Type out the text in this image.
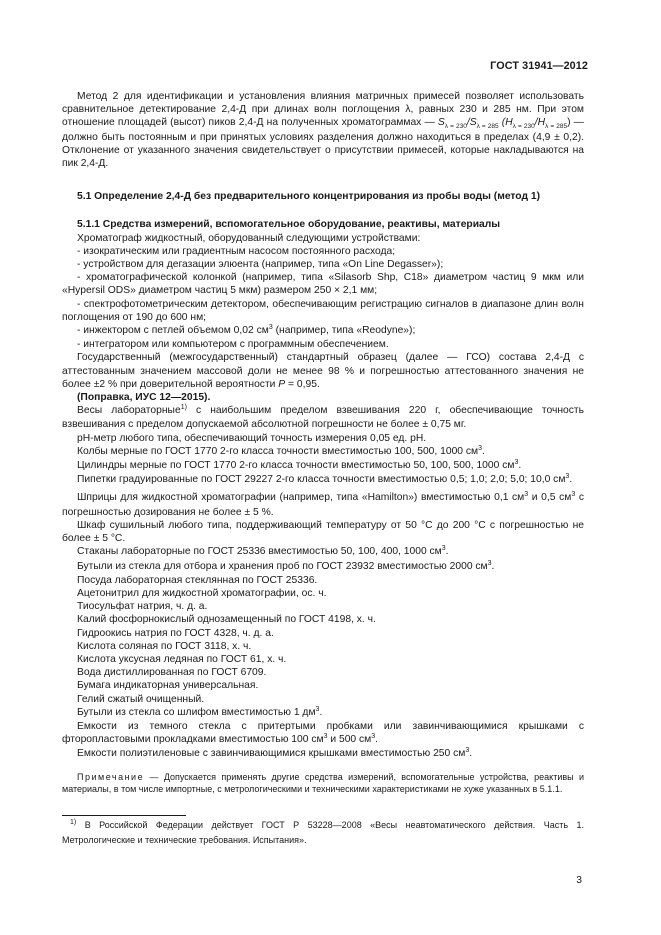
ГОСТ 31941—2012

Метод 2 для идентификации и установления влияния матричных примесей позволяет использовать сравнительное детектирование 2,4-Д при длинах волн поглощения λ, равных 230 и 285 нм. При этом отношение площадей (высот) пиков 2,4-Д на полученных хроматограммах — $S_{\lambda = 230}/S_{\lambda = 285}$ $(H_{\lambda = 230}/H_{\lambda = 285})$ — должно быть постоянным и при принятых условиях разделения должно находиться в пределах (4,9 ± 0,2). Отклонение от указанного значения свидетельствует о присутствии примесей, которые накладываются на пик 2,4-Д.

5.1 Определение 2,4-Д без предварительного концентрирования из пробы воды (метод 1)

5.1.1 Средства измерений, вспомогательное оборудование, реактивы, материалы

Хроматограф жидкостный, оборудованный следующими устройствами:

- изократическим или градиентным насосом постоянного расхода;

- устройством для дегазации элюента (например, типа «On Line Degasser»);

- хроматографической колонкой (например, типа «Silasorb Shp, C18» диаметром частиц 9 мкм или «Hypersil ODS» диаметром частиц 5 мкм) размером 250 × 2,1 мм;

- спектрофотометрическим детектором, обеспечивающим регистрацию сигналов в диапазоне длин волн поглощения от 190 до 600 нм;

- инжектором с петлей объемом 0,02 $см^3$ (например, типа «Reodyne»);

- интегратором или компьютером с программным обеспечением.

Государственный (межгосударственный) стандартный образец (далее — ГСО) состава 2,4-Д с аттестованным значением массовой доли не менее 98 % и погрешностью аттестованного значения не более ±2 % при доверительной вероятности P = 0,95.

(Поправка, ИУС 12—2015).

Весы лабораторные$^{1)}$ с наибольшим пределом взвешивания 220 г, обеспечивающие точность взвешивания с пределом допускаемой абсолютной погрешности не более ± 0,75 мг.

pH-метр любого типа, обеспечивающий точность измерения 0,05 ед. pH.

Колбы мерные по ГОСТ 1770 2-го класса точности вместимостью 100, 500, 1000 $см^3$.

Цилиндры мерные по ГОСТ 1770 2-го класса точности вместимостью 50, 100, 500, 1000 $см^3$.

Пипетки градуированные по ГОСТ 29227 2-го класса точности вместимостью 0,5; 1,0; 2,0; 5,0; 10,0 $см^3$.

Шприцы для жидкостной хроматографии (например, типа «Hamilton») вместимостью 0,1 $см^3$ и 0,5 $см^3$ с погрешностью дозирования не более ± 5 %.

Шкаф сушильный любого типа, поддерживающий температуру от 50 °С до 200 °С с погрешностью не более ± 5 °С.

Стаканы лабораторные по ГОСТ 25336 вместимостью 50, 100, 400, 1000 $см^3$.

Бутыли из стекла для отбора и хранения проб по ГОСТ 23932 вместимостью 2000 $см^3$.

Посуда лабораторная стеклянная по ГОСТ 25336.

Ацетонитрил для жидкостной хроматографии, ос. ч.

Тиосульфат натрия, ч. д. а.

Калий фосфорнокислый однозамещенный по ГОСТ 4198, х. ч.

Гидроокись натрия по ГОСТ 4328, ч. д. а.

Кислота соляная по ГОСТ 3118, х. ч.

Кислота уксусная ледяная по ГОСТ 61, х. ч.

Вода дистиллированная по ГОСТ 6709.

Бумага индикаторная универсальная.

Гелий сжатый очищенный.

Бутыли из стекла со шлифом вместимостью 1 $дм^3$.

Емкости из темного стекла с притертыми пробками или завинчивающимися крышками с фторопластовыми прокладками вместимостью 100 $см^3$ и 500 $см^3$.

Емкости полиэтиленовые с завинчивающимися крышками вместимостью 250 $см^3$.

Примечание — Допускается применять другие средства измерений, вспомогательные устройства, реактивы и материалы, в том числе импортные, с метрологическими и техническими характеристиками не хуже указанных в 5.1.1.

$^{1)}$ В Российской Федерации действует ГОСТ Р 53228—2008 «Весы неавтоматического действия. Часть 1. Метрологические и технические требования. Испытания».

3
